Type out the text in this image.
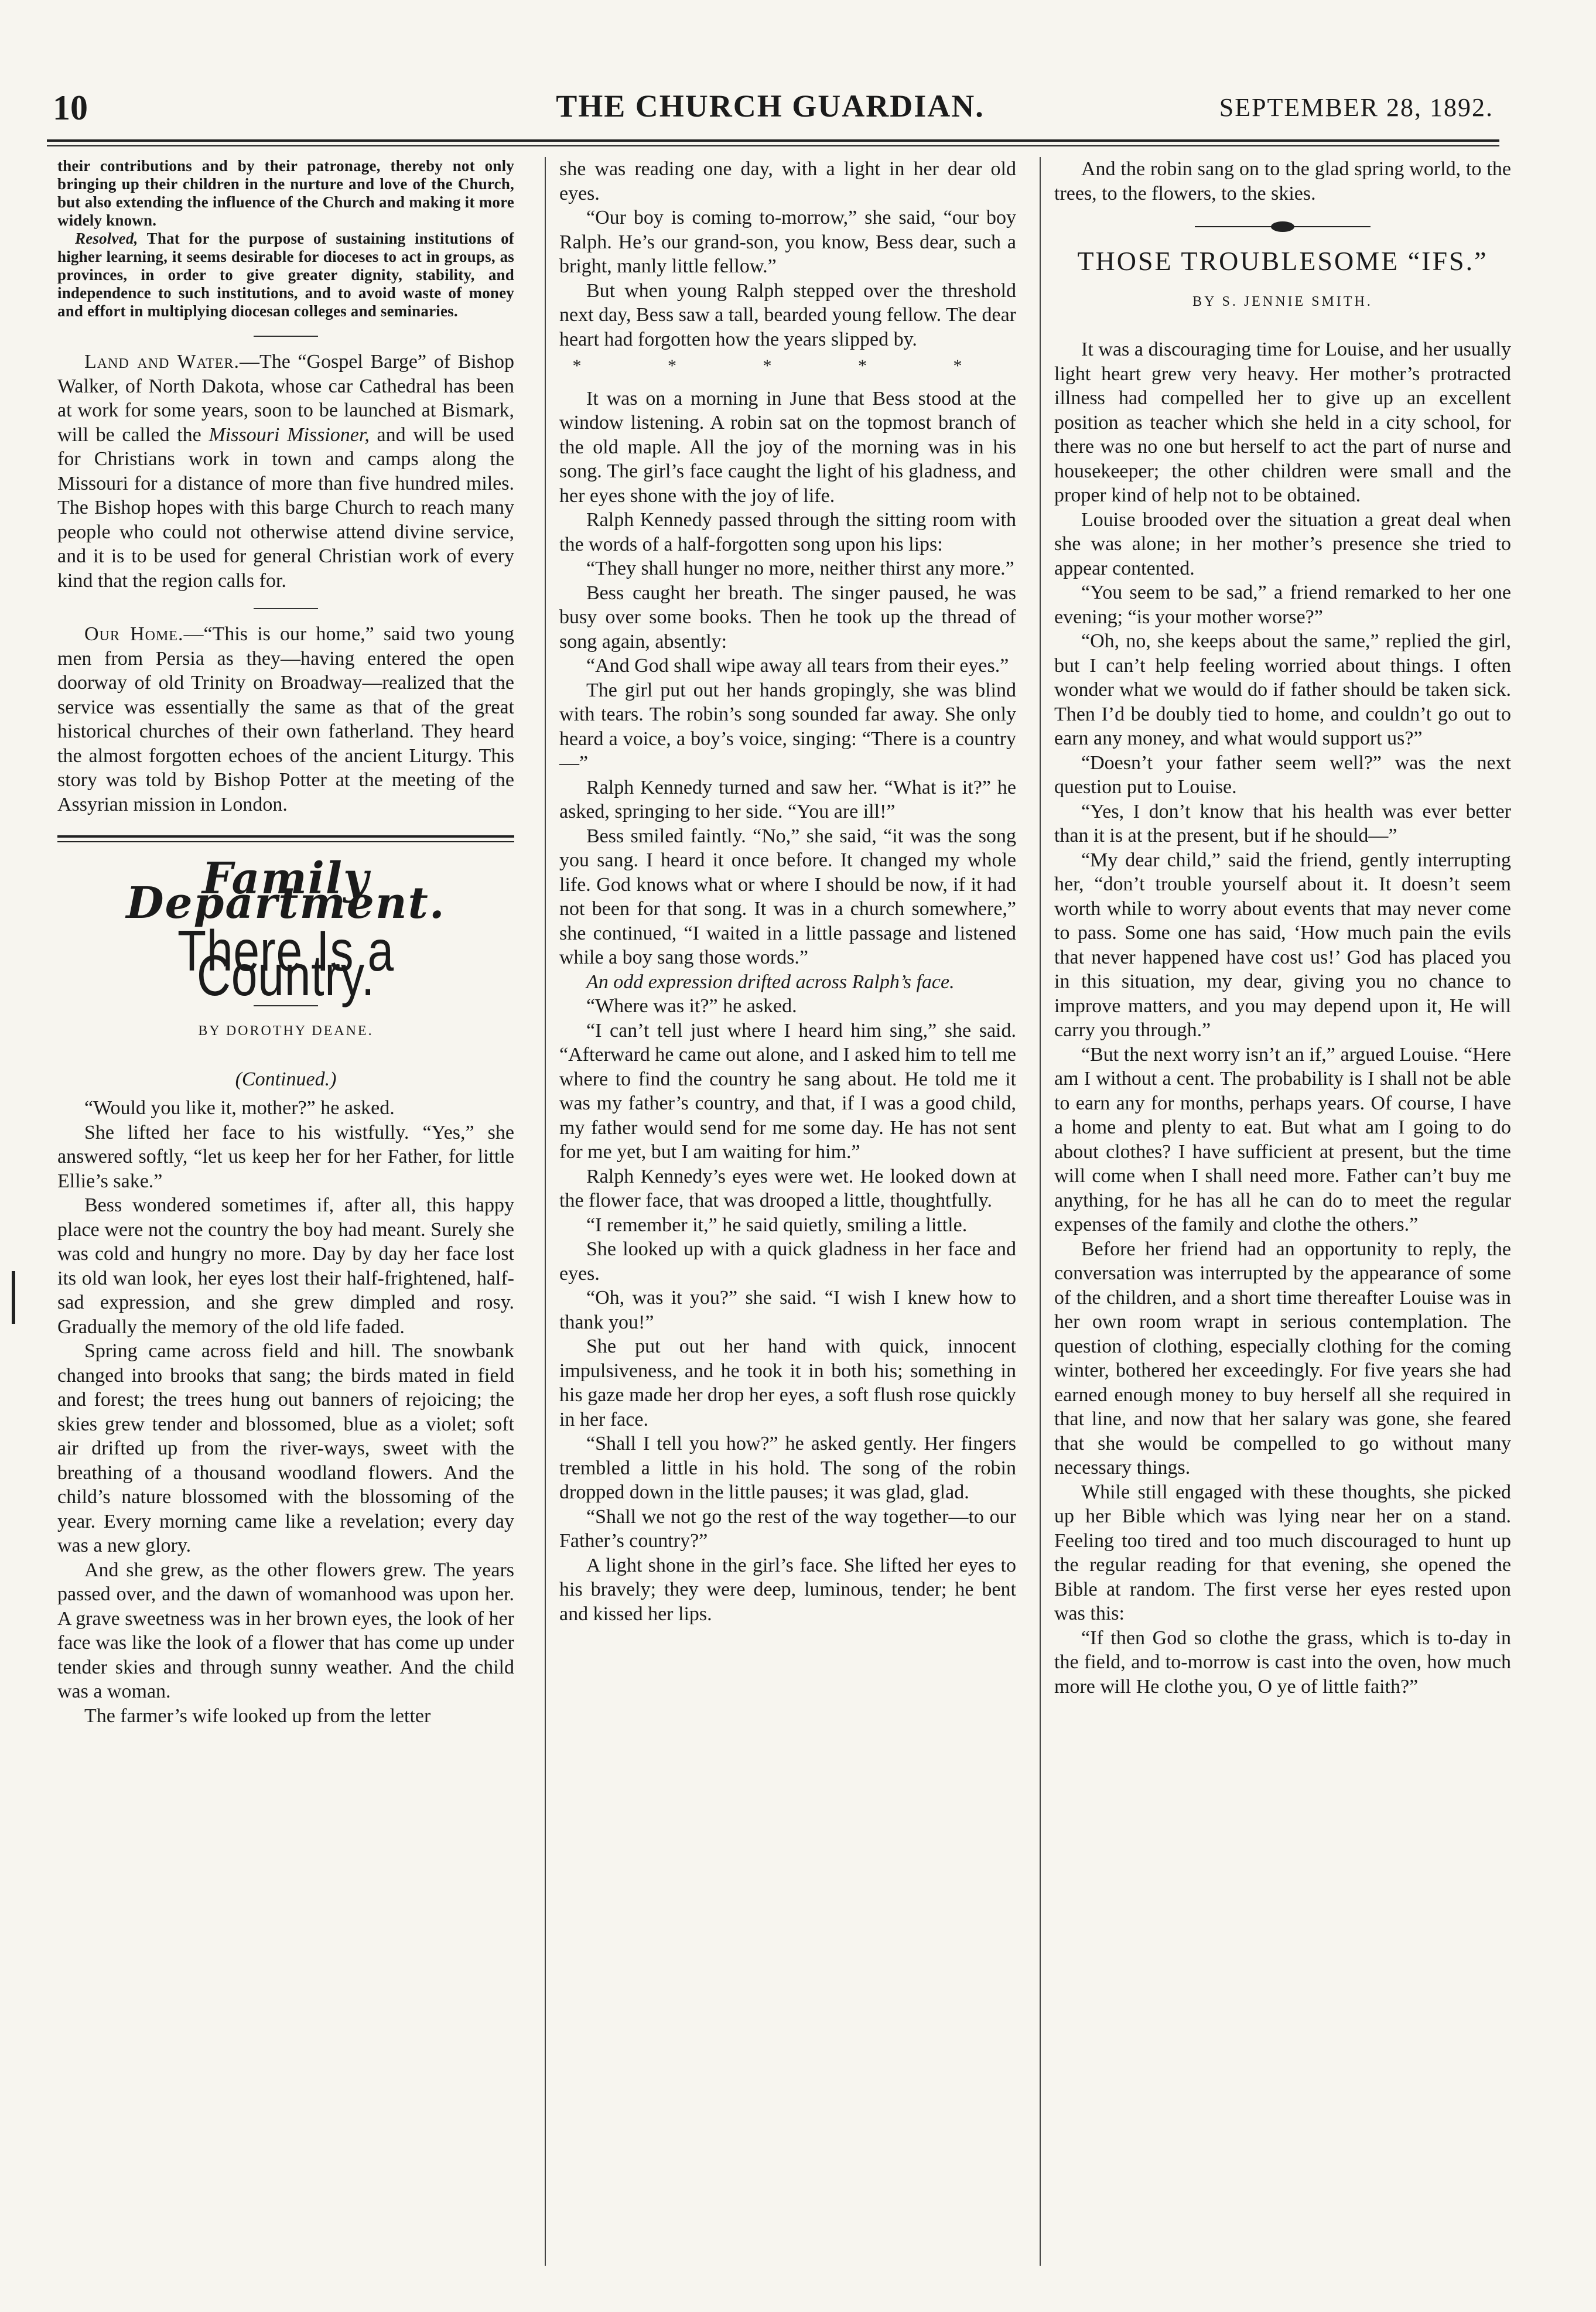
10	THE CHURCH GUARDIAN.	SEPTEMBER 28, 1892.

their contributions and by their patronage, thereby not only bringing up their children in the nurture and love of the Church, but also extending the influence of the Church and making it more widely known.

Resolved, That for the purpose of sustaining institutions of higher learning, it seems desirable for dioceses to act in groups, as provinces, in order to give greater dignity, stability, and independence to such institutions, and to avoid waste of money and effort in multiplying diocesan colleges and seminaries.

Land and Water.—The “Gospel Barge” of Bishop Walker, of North Dakota, whose car Cathedral has been at work for some years, soon to be launched at Bismark, will be called the Missouri Missioner, and will be used for Christians work in town and camps along the Missouri for a distance of more than five hundred miles. The Bishop hopes with this barge Church to reach many people who could not otherwise attend divine service, and it is to be used for general Christian work of every kind that the region calls for.

Our Home.—“This is our home,” said two young men from Persia as they—having entered the open doorway of old Trinity on Broadway—realized that the service was essentially the same as that of the great historical churches of their own fatherland. They heard the almost forgotten echoes of the ancient Liturgy. This story was told by Bishop Potter at the meeting of the Assyrian mission in London.

Family Department.
There Is a Country.
BY DOROTHY DEANE.
(Continued.)

“Would you like it, mother?” he asked.

She lifted her face to his wistfully. “Yes,” she answered softly, “let us keep her for her Father, for little Ellie’s sake.”

Bess wondered sometimes if, after all, this happy place were not the country the boy had meant. Surely she was cold and hungry no more. Day by day her face lost its old wan look, her eyes lost their half-frightened, half-sad expression, and she grew dimpled and rosy. Gradually the memory of the old life faded.

Spring came across field and hill. The snowbank changed into brooks that sang; the birds mated in field and forest; the trees hung out banners of rejoicing; the skies grew tender and blossomed, blue as a violet; soft air drifted up from the river-ways, sweet with the breathing of a thousand woodland flowers. And the child’s nature blossomed with the blossoming of the year. Every morning came like a revelation; every day was a new glory.

And she grew, as the other flowers grew. The years passed over, and the dawn of womanhood was upon her. A grave sweetness was in her brown eyes, the look of her face was like the look of a flower that has come up under tender skies and through sunny weather. And the child was a woman.

The farmer’s wife looked up from the letter

she was reading one day, with a light in her dear old eyes.

“Our boy is coming to-morrow,” she said, “our boy Ralph. He’s our grand-son, you know, Bess dear, such a bright, manly little fellow.”

But when young Ralph stepped over the threshold next day, Bess saw a tall, bearded young fellow. The dear heart had forgotten how the years slipped by.

* * * * *

It was on a morning in June that Bess stood at the window listening. A robin sat on the topmost branch of the old maple. All the joy of the morning was in his song. The girl’s face caught the light of his gladness, and her eyes shone with the joy of life.

Ralph Kennedy passed through the sitting room with the words of a half-forgotten song upon his lips:

“They shall hunger no more, neither thirst any more.”

Bess caught her breath. The singer paused, he was busy over some books. Then he took up the thread of song again, absently:

“And God shall wipe away all tears from their eyes.”

The girl put out her hands gropingly, she was blind with tears. The robin’s song sounded far away. She only heard a voice, a boy’s voice, singing: “There is a country—”

Ralph Kennedy turned and saw her. “What is it?” he asked, springing to her side. “You are ill!”

Bess smiled faintly. “No,” she said, “it was the song you sang. I heard it once before. It changed my whole life. God knows what or where I should be now, if it had not been for that song. It was in a church somewhere,” she continued, “I waited in a little passage and listened while a boy sang those words.”

An odd expression drifted across Ralph’s face.

“Where was it?” he asked.

“I can’t tell just where I heard him sing,” she said. “Afterward he came out alone, and I asked him to tell me where to find the country he sang about. He told me it was my father’s country, and that, if I was a good child, my father would send for me some day. He has not sent for me yet, but I am waiting for him.”

Ralph Kennedy’s eyes were wet. He looked down at the flower face, that was drooped a little, thoughtfully.

“I remember it,” he said quietly, smiling a little.

She looked up with a quick gladness in her face and eyes.

“Oh, was it you?” she said. “I wish I knew how to thank you!”

She put out her hand with quick, innocent impulsiveness, and he took it in both his; something in his gaze made her drop her eyes, a soft flush rose quickly in her face.

“Shall I tell you how?” he asked gently. Her fingers trembled a little in his hold. The song of the robin dropped down in the little pauses; it was glad, glad.

“Shall we not go the rest of the way together—to our Father’s country?”

A light shone in the girl’s face. She lifted her eyes to his bravely; they were deep, luminous, tender; he bent and kissed her lips.

And the robin sang on to the glad spring world, to the trees, to the flowers, to the skies.

THOSE TROUBLESOME “IFS.”
BY S. JENNIE SMITH.

It was a discouraging time for Louise, and her usually light heart grew very heavy. Her mother’s protracted illness had compelled her to give up an excellent position as teacher which she held in a city school, for there was no one but herself to act the part of nurse and housekeeper; the other children were small and the proper kind of help not to be obtained.

Louise brooded over the situation a great deal when she was alone; in her mother’s presence she tried to appear contented.

“You seem to be sad,” a friend remarked to her one evening; “is your mother worse?”

“Oh, no, she keeps about the same,” replied the girl, but I can’t help feeling worried about things. I often wonder what we would do if father should be taken sick. Then I’d be doubly tied to home, and couldn’t go out to earn any money, and what would support us?”

“Doesn’t your father seem well?” was the next question put to Louise.

“Yes, I don’t know that his health was ever better than it is at the present, but if he should—”

“My dear child,” said the friend, gently interrupting her, “don’t trouble yourself about it. It doesn’t seem worth while to worry about events that may never come to pass. Some one has said, ‘How much pain the evils that never happened have cost us!’ God has placed you in this situation, my dear, giving you no chance to improve matters, and you may depend upon it, He will carry you through.”

“But the next worry isn’t an if,” argued Louise. “Here am I without a cent. The probability is I shall not be able to earn any for months, perhaps years. Of course, I have a home and plenty to eat. But what am I going to do about clothes? I have sufficient at present, but the time will come when I shall need more. Father can’t buy me anything, for he has all he can do to meet the regular expenses of the family and clothe the others.”

Before her friend had an opportunity to reply, the conversation was interrupted by the appearance of some of the children, and a short time thereafter Louise was in her own room wrapt in serious contemplation. The question of clothing, especially clothing for the coming winter, bothered her exceedingly. For five years she had earned enough money to buy herself all she required in that line, and now that her salary was gone, she feared that she would be compelled to go without many necessary things.

While still engaged with these thoughts, she picked up her Bible which was lying near her on a stand. Feeling too tired and too much discouraged to hunt up the regular reading for that evening, she opened the Bible at random. The first verse her eyes rested upon was this:

“If then God so clothe the grass, which is to-day in the field, and to-morrow is cast into the oven, how much more will He clothe you, O ye of little faith?”
